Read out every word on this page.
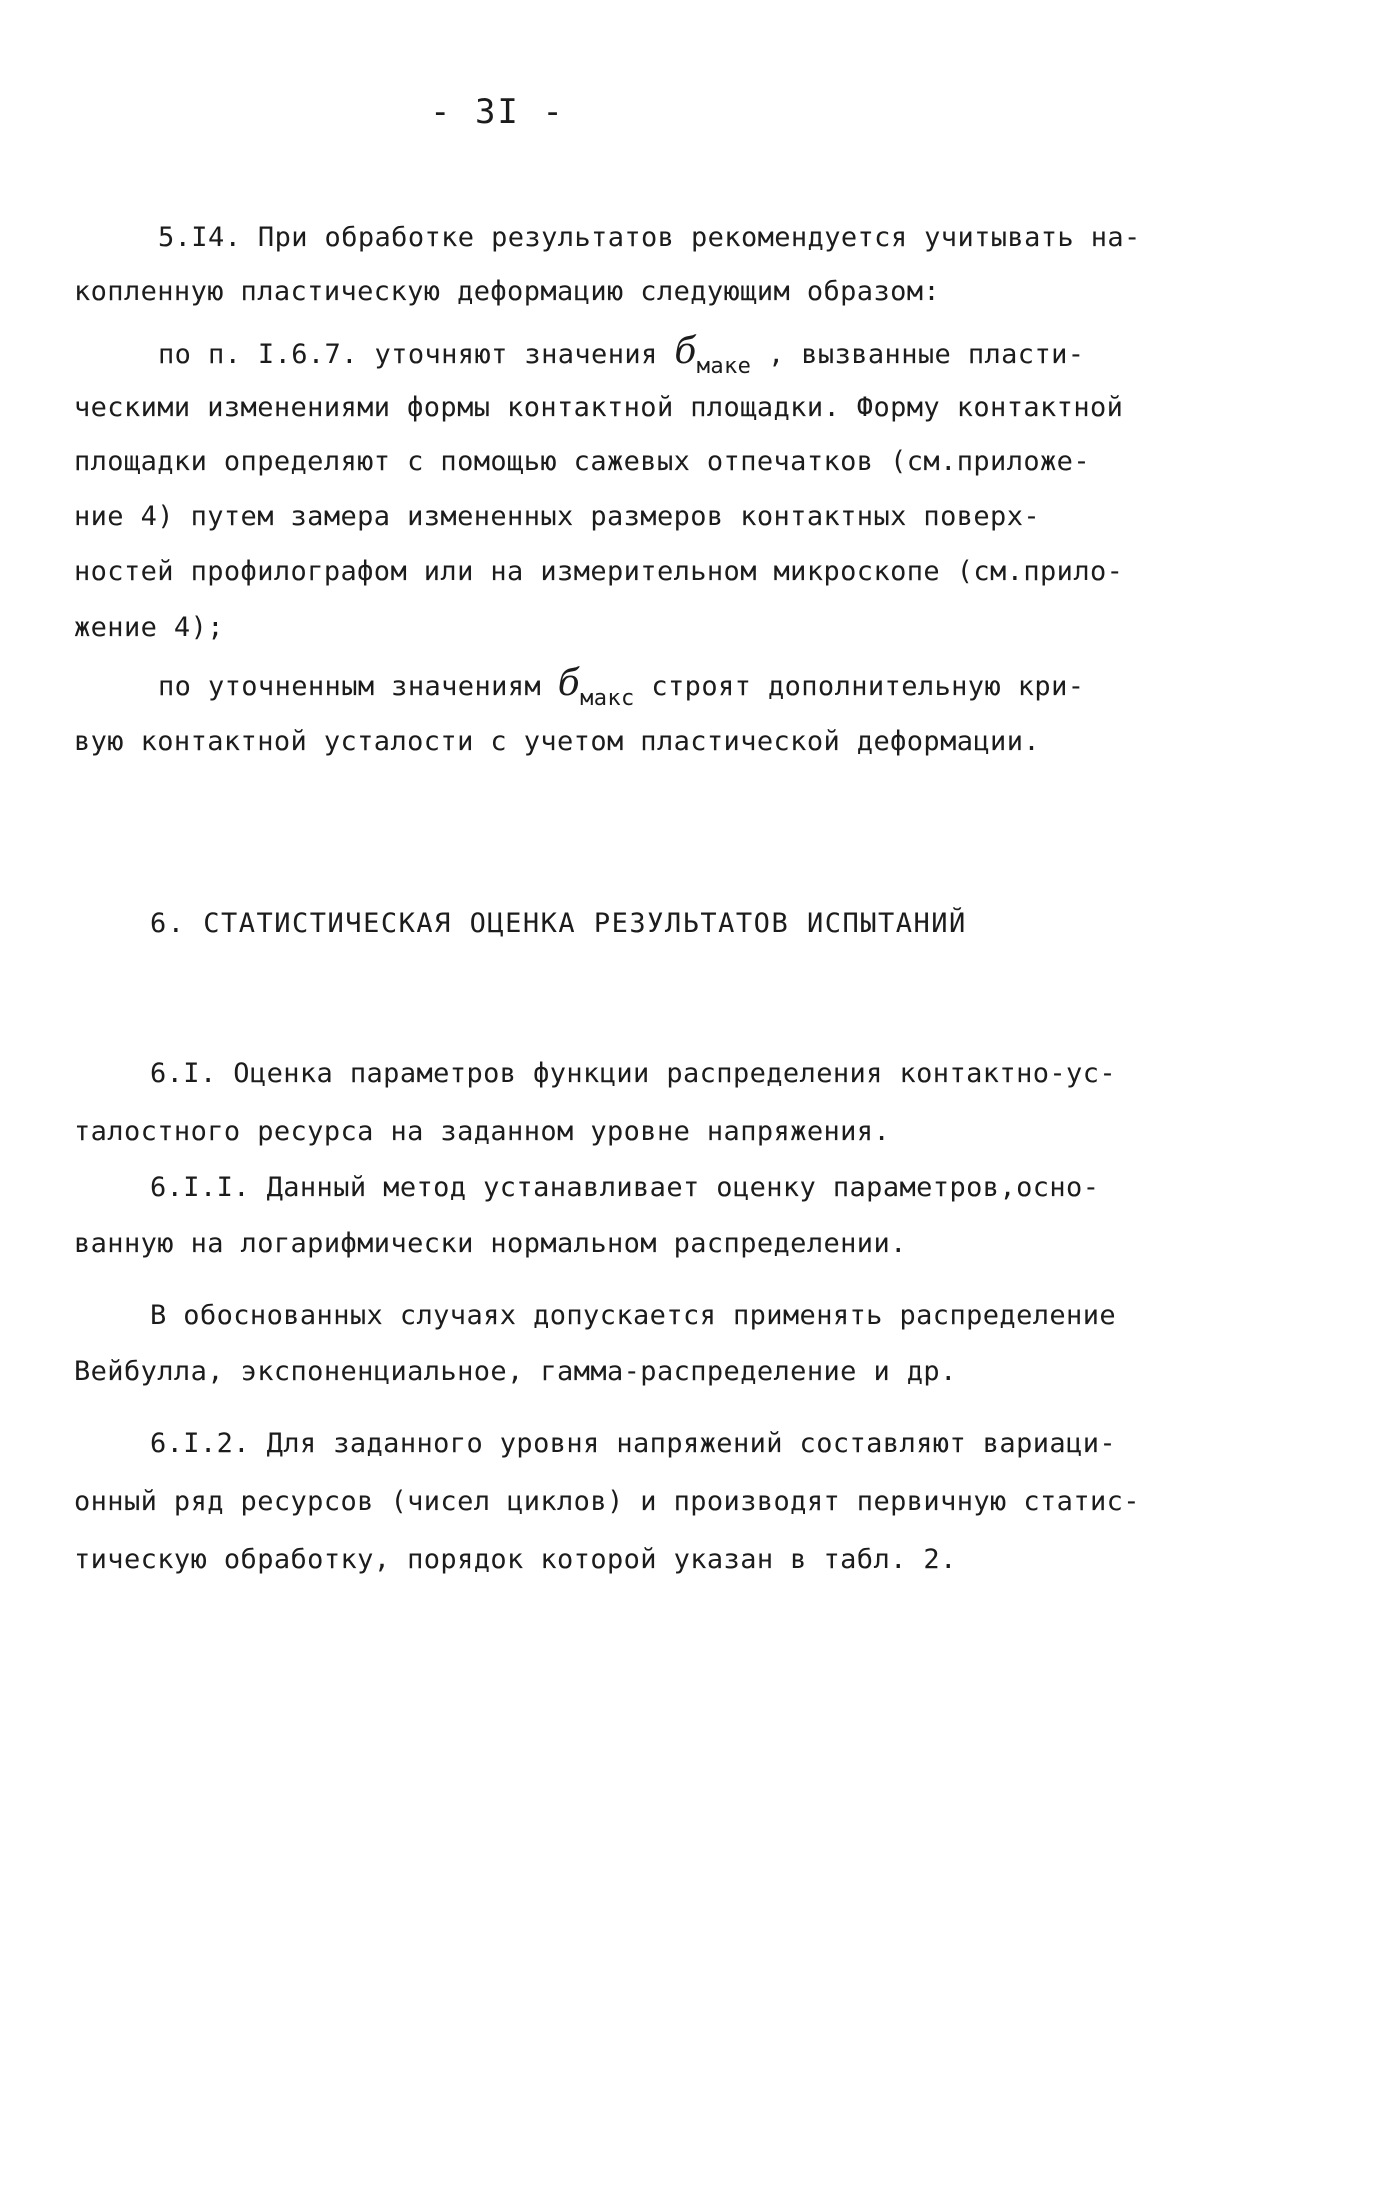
- 3I -
5.I4. При обработке результатов рекомендуется учитывать на-
копленную пластическую деформацию следующим образом:
по п. I.6.7. уточняют значения $б_{маке}$ , вызванные пласти-
ческими изменениями формы контактной площадки. Форму контактной
площадки определяют с помощью сажевых отпечатков (см.приложе-
ние 4) путем замера измененных размеров контактных поверх-
ностей профилографом или на измерительном микроскопе (см.прило-
жение 4);
по уточненным значениям $б_{макс}$ строят дополнительную кри-
вую контактной усталости с учетом пластической деформации.
6. СТАТИСТИЧЕСКАЯ ОЦЕНКА РЕЗУЛЬТАТОВ ИСПЫТАНИЙ
6.I. Оценка параметров функции распределения контактно-ус-
талостного ресурса на заданном уровне напряжения.
6.I.I. Данный метод устанавливает оценку параметров,осно-
ванную на логарифмически нормальном распределении.
В обоснованных случаях допускается применять распределение
Вейбулла, экспоненциальное, гамма-распределение и др.
6.I.2. Для заданного уровня напряжений составляют вариаци-
онный ряд ресурсов (чисел циклов) и производят первичную статис-
тическую обработку, порядок которой указан в табл. 2.
